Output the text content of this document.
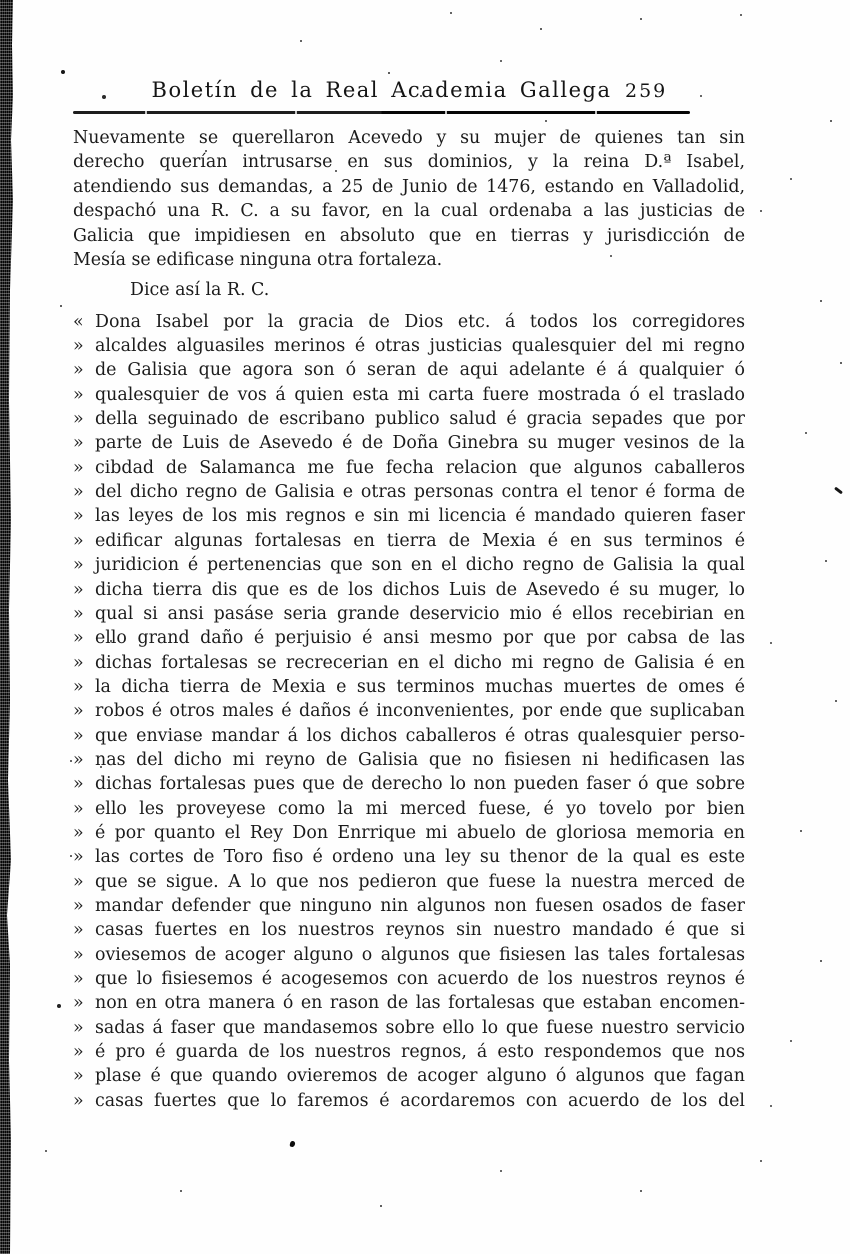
Boletín de la Real Academia Gallega 259
Nuevamente se querellaron Acevedo y su mujer de quienes tan sin
derecho querían intrusarse en sus dominios, y la reina D.ª Isabel,
atendiendo sus demandas, a 25 de Junio de 1476, estando en Valladolid,
despachó una R. C. a su favor, en la cual ordenaba a las justicias de
Galicia que impidiesen en absoluto que en tierras y jurisdicción de
Mesía se edificase ninguna otra fortaleza.
Dice así la R. C.
« Dona Isabel por la gracia de Dios etc. á todos los corregidores
» alcaldes alguasiles merinos é otras justicias qualesquier del mi regno
» de Galisia que agora son ó seran de aqui adelante é á qualquier ó
» qualesquier de vos á quien esta mi carta fuere mostrada ó el traslado
» della seguinado de escribano publico salud é gracia sepades que por
» parte de Luis de Asevedo é de Doña Ginebra su muger vesinos de la
» cibdad de Salamanca me fue fecha relacion que algunos caballeros
» del dicho regno de Galisia e otras personas contra el tenor é forma de
» las leyes de los mis regnos e sin mi licencia é mandado quieren faser
» edificar algunas fortalesas en tierra de Mexia é en sus terminos é
» juridicion é pertenencias que son en el dicho regno de Galisia la qual
» dicha tierra dis que es de los dichos Luis de Asevedo é su muger, lo
» qual si ansi pasáse seria grande deservicio mio é ellos recebirian en
» ello grand daño é perjuisio é ansi mesmo por que por cabsa de las
» dichas fortalesas se recrecerian en el dicho mi regno de Galisia é en
» la dicha tierra de Mexia e sus terminos muchas muertes de omes é
» robos é otros males é daños é inconvenientes, por ende que suplicaban
» que enviase mandar á los dichos caballeros é otras qualesquier perso-
» nas del dicho mi reyno de Galisia que no fisiesen ni hedificasen las
» dichas fortalesas pues que de derecho lo non pueden faser ó que sobre
» ello les proveyese como la mi merced fuese, é yo tovelo por bien
» é por quanto el Rey Don Enrrique mi abuelo de gloriosa memoria en
» las cortes de Toro fiso é ordeno una ley su thenor de la qual es este
» que se sigue. A lo que nos pedieron que fuese la nuestra merced de
» mandar defender que ninguno nin algunos non fuesen osados de faser
» casas fuertes en los nuestros reynos sin nuestro mandado é que si
» oviesemos de acoger alguno o algunos que fisiesen las tales fortalesas
» que lo fisiesemos é acogesemos con acuerdo de los nuestros reynos é
» non en otra manera ó en rason de las fortalesas que estaban encomen-
» sadas á faser que mandasemos sobre ello lo que fuese nuestro servicio
» é pro é guarda de los nuestros regnos, á esto respondemos que nos
» plase é que quando ovieremos de acoger alguno ó algunos que fagan
» casas fuertes que lo faremos é acordaremos con acuerdo de los del
